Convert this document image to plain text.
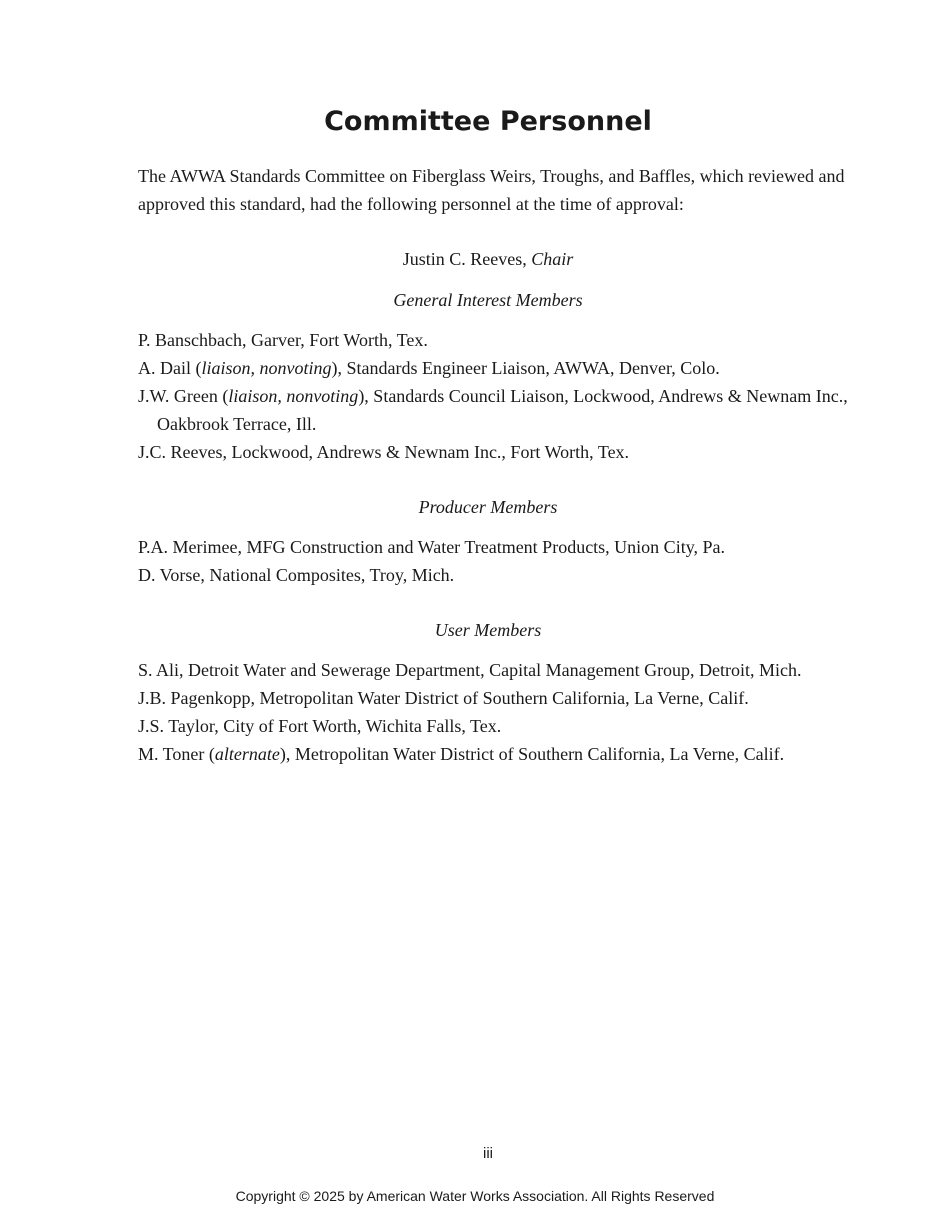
Committee Personnel

The AWWA Standards Committee on Fiberglass Weirs, Troughs, and Baffles, which reviewed and approved this standard, had the following personnel at the time of approval:

Justin C. Reeves, Chair

General Interest Members

P. Banschbach, Garver, Fort Worth, Tex.
A. Dail (liaison, nonvoting), Standards Engineer Liaison, AWWA, Denver, Colo.
J.W. Green (liaison, nonvoting), Standards Council Liaison, Lockwood, Andrews & Newnam Inc., Oakbrook Terrace, Ill.
J.C. Reeves, Lockwood, Andrews & Newnam Inc., Fort Worth, Tex.

Producer Members

P.A. Merimee, MFG Construction and Water Treatment Products, Union City, Pa.
D. Vorse, National Composites, Troy, Mich.

User Members

S. Ali, Detroit Water and Sewerage Department, Capital Management Group, Detroit, Mich.
J.B. Pagenkopp, Metropolitan Water District of Southern California, La Verne, Calif.
J.S. Taylor, City of Fort Worth, Wichita Falls, Tex.
M. Toner (alternate), Metropolitan Water District of Southern California, La Verne, Calif.

iii

Copyright © 2025 by American Water Works Association. All Rights Reserved
